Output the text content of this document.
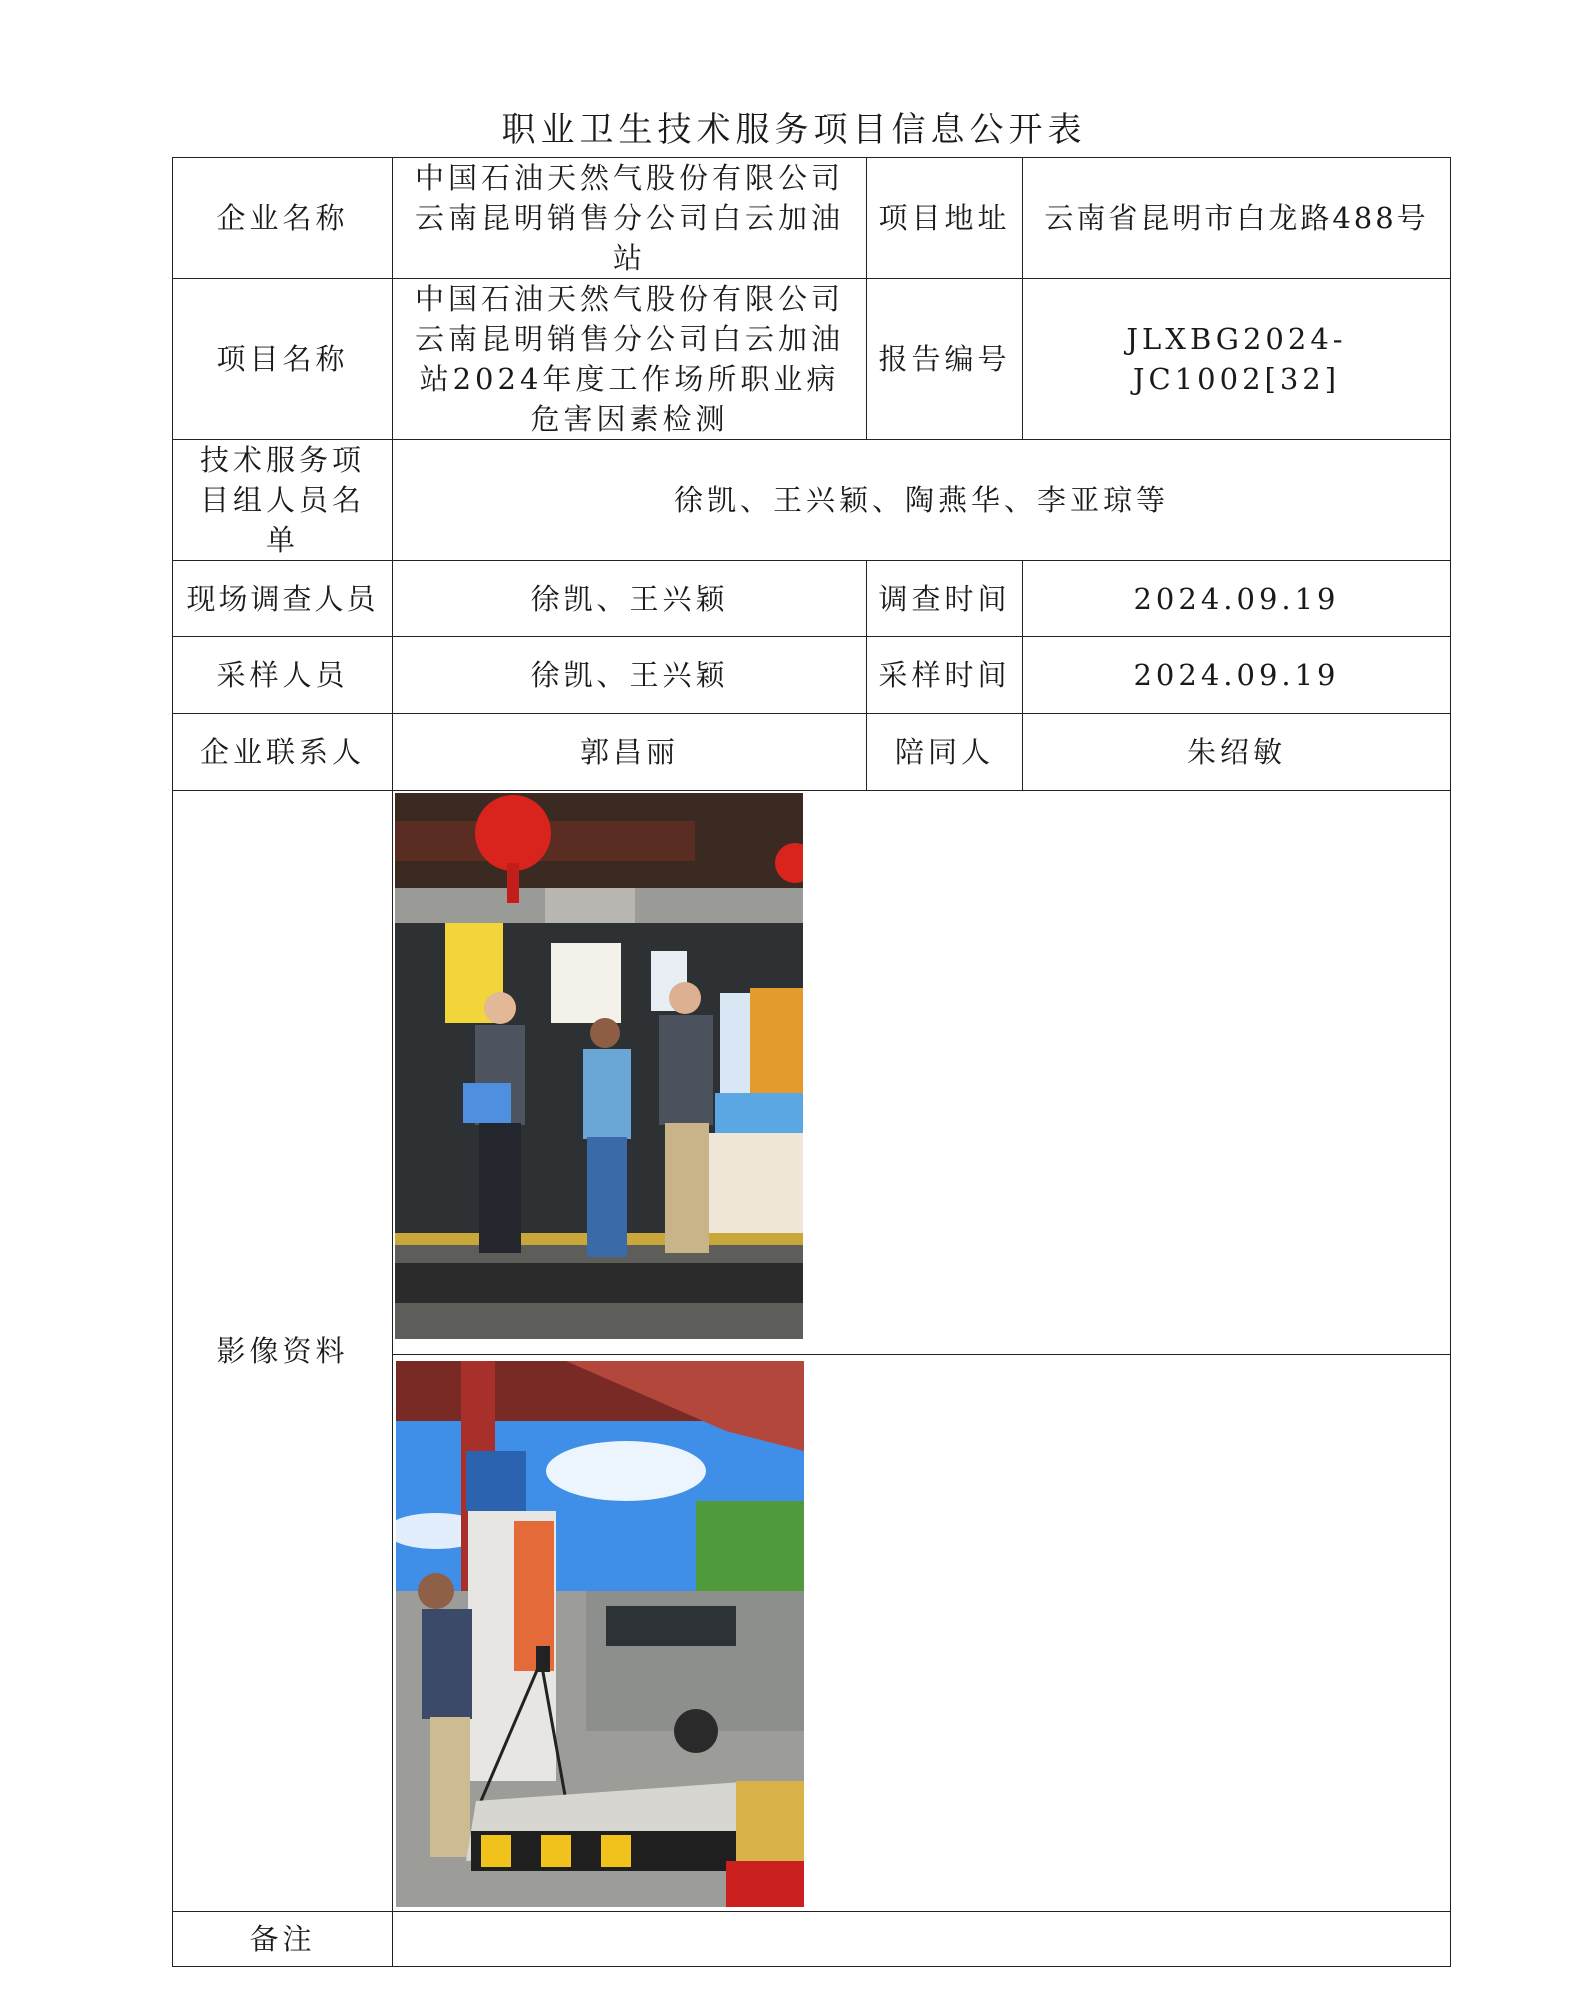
职业卫生技术服务项目信息公开表
企业名称	中国石油天然气股份有限公司云南昆明销售分公司白云加油站	项目地址	云南省昆明市白龙路488号
项目名称	中国石油天然气股份有限公司云南昆明销售分公司白云加油站2024年度工作场所职业病危害因素检测	报告编号	JLXBG2024-JC1002[32]
技术服务项目组人员名单	徐凯、王兴颖、陶燕华、李亚琼等		
现场调查人员	徐凯、王兴颖	调查时间	2024.09.19
采样人员	徐凯、王兴颖	采样时间	2024.09.19
企业联系人	郭昌丽	陪同人	朱绍敏
影像资料	

备注			
